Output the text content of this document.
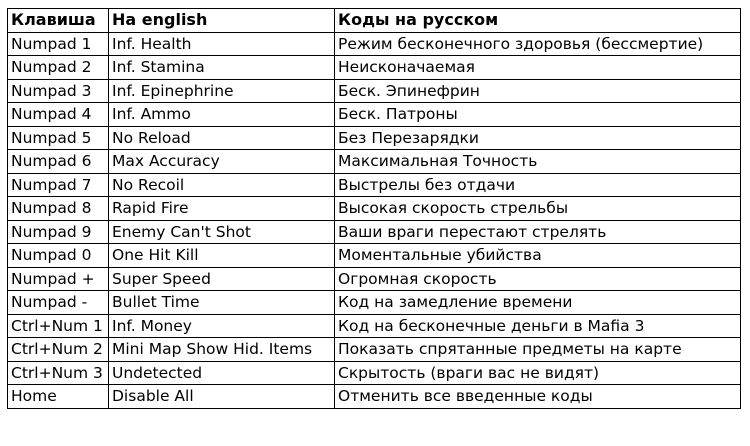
Клавиша	На english	Коды на русском
Numpad 1	Inf. Health	Режим бесконечного здоровья (бессмертие)
Numpad 2	Inf. Stamina	Неисконачаемая
Numpad 3	Inf. Epinephrine	Беск. Эпинефрин
Numpad 4	Inf. Ammo	Беск. Патроны
Numpad 5	No Reload	Без Перезарядки
Numpad 6	Max Accuracy	Максимальная Точность
Numpad 7	No Recoil	Выстрелы без отдачи
Numpad 8	Rapid Fire	Высокая скорость стрельбы
Numpad 9	Enemy Can't Shot	Ваши враги перестают стрелять
Numpad 0	One Hit Kill	Моментальные убийства
Numpad +	Super Speed	Огромная скорость
Numpad -	Bullet Time	Код на замедление времени
Ctrl+Num 1	Inf. Money	Код на бесконечные деньги в Mafia 3
Ctrl+Num 2	Mini Map Show Hid. Items	Показать спрятанные предметы на карте
Ctrl+Num 3	Undetected	Скрытость (враги вас не видят)
Home	Disable All	Отменить все введенные коды
